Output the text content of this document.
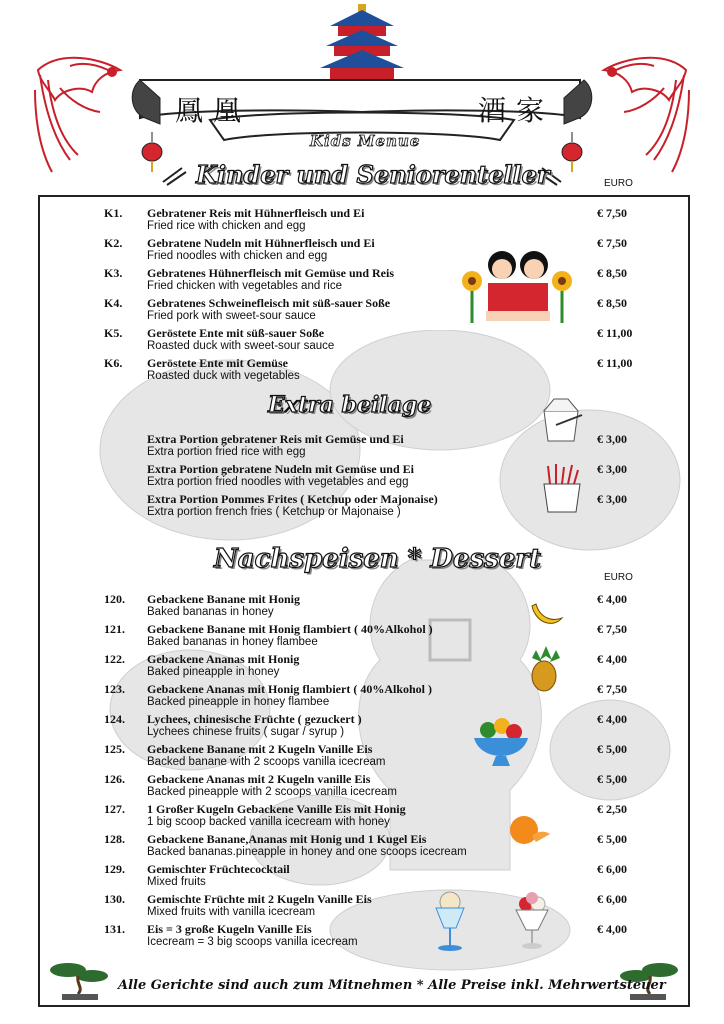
鳳凰	酒家
Kids Menue
Kinder und Seniorenteller	EURO
K1. Gebratener Reis mit Hühnerfleisch und Ei
Fried rice with chicken and egg
€ 7,50
K2. Gebratene Nudeln mit Hühnerfleisch und Ei
Fried noodles with chicken and egg
€ 7,50
K3. Gebratenes Hühnerfleisch mit Gemüse und Reis
Fried chicken with vegetables and rice
€ 8,50
K4. Gebratenes Schweinefleisch mit süß-sauer Soße
Fried pork with sweet-sour sauce
€ 8,50
K5. Geröstete Ente mit süß-sauer Soße
Roasted duck with sweet-sour sauce
€ 11,00
K6. Geröstete Ente mit Gemüse
Roasted duck with vegetables
€ 11,00
Extra beilage
Extra Portion gebratener Reis mit Gemüse und Ei
Extra portion fried rice with egg
€ 3,00
Extra Portion gebratene Nudeln mit Gemüse und Ei
Extra portion fried noodles with vegetables and egg
€ 3,00
Extra Portion Pommes Frites ( Ketchup oder Majonaise)
Extra portion french fries ( Ketchup or Majonaise )
€ 3,00
Nachspeisen * Dessert
EURO
120. Gebackene Banane mit Honig
Baked bananas in honey
€ 4,00
121. Gebackene Banane mit Honig flambiert ( 40%Alkohol )
Baked bananas in honey flambee
€ 7,50
122. Gebackene Ananas mit Honig
Baked pineapple in honey
€ 4,00
123. Gebackene Ananas mit Honig flambiert ( 40%Alkohol )
Backed pineapple in honey flambee
€ 7,50
124. Lychees, chinesische Früchte ( gezuckert )
Lychees chinese fruits ( sugar / syrup )
€ 4,00
125. Gebackene Banane mit 2 Kugeln Vanille Eis
Backed banane with 2 scoops vanilla icecream
€ 5,00
126. Gebackene Ananas mit 2 Kugeln vanille Eis
Backed pineapple with 2 scoops vanilla icecream
€ 5,00
127. 1 Großer Kugeln Gebackene Vanille Eis mit Honig
1 big scoop backed vanilla icecream with honey
€ 2,50
128. Gebackene Banane,Ananas mit Honig und 1 Kugel Eis
Backed bananas.pineapple in honey and one scoops icecream
€ 5,00
129. Gemischter Früchtecocktail
Mixed fruits
€ 6,00
130. Gemischte Früchte mit 2 Kugeln Vanille Eis
Mixed fruits with vanilla icecream
€ 6,00
131. Eis = 3 große Kugeln Vanille Eis
Icecream = 3 big scoops vanilla icecream
€ 4,00
Alle Gerichte sind auch zum Mitnehmen * Alle Preise inkl. Mehrwertsteuer
